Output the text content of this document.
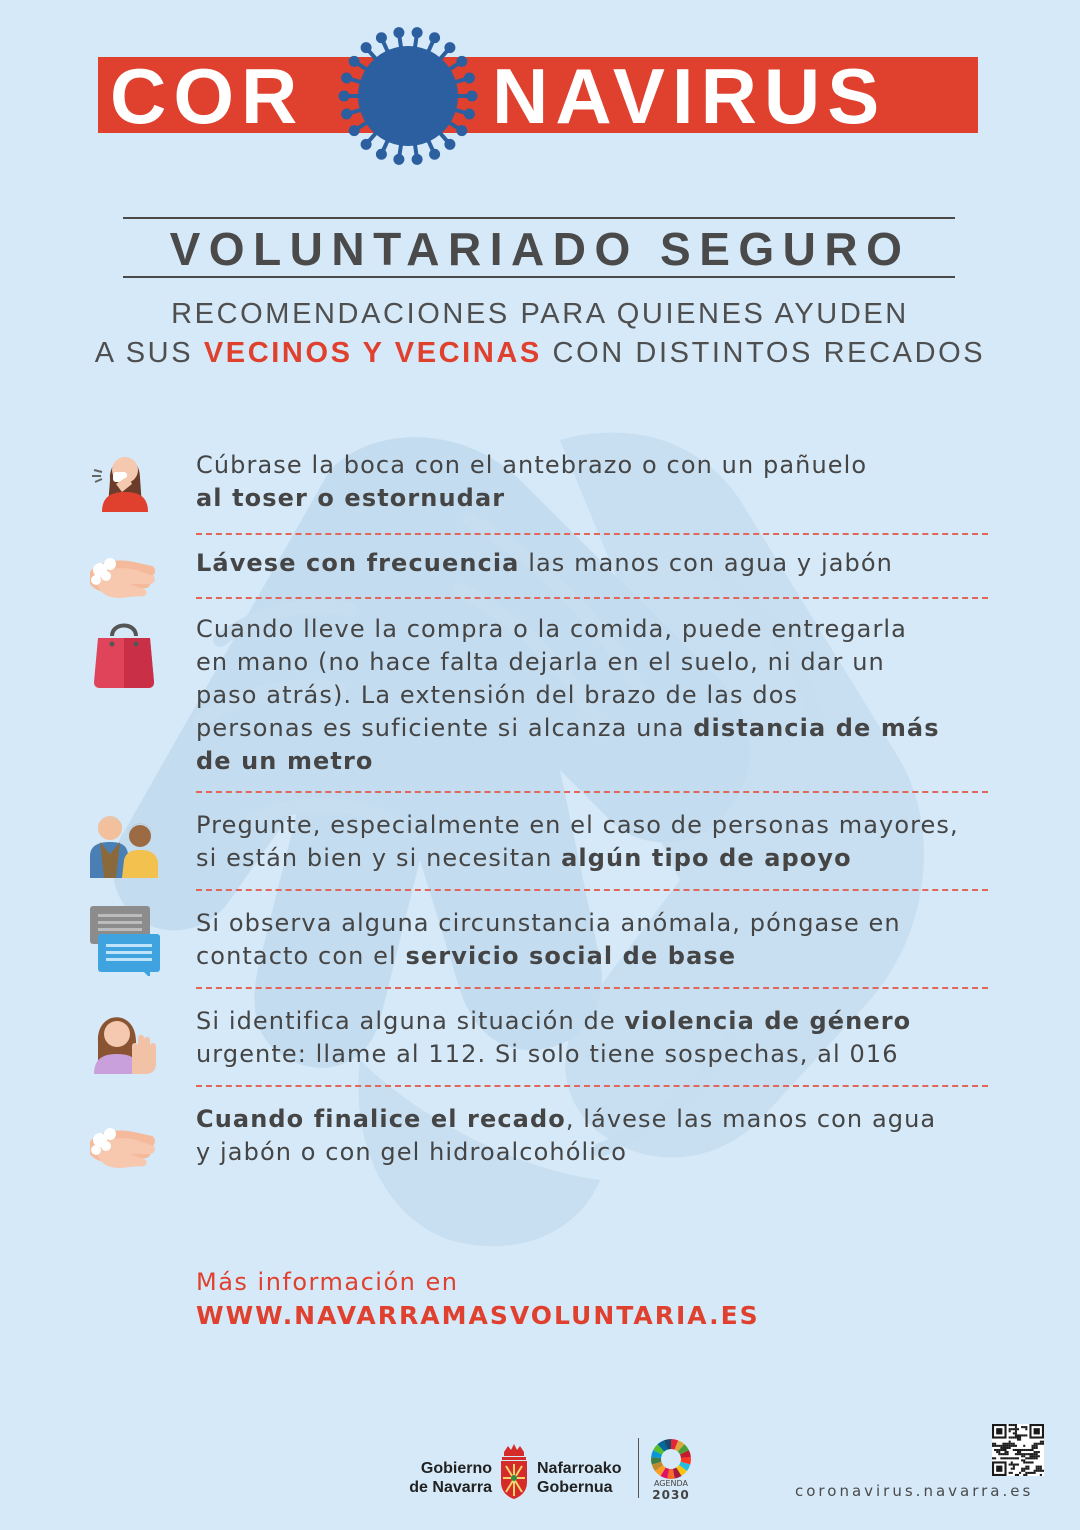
COR NAVIRUS
VOLUNTARIADO SEGURO
RECOMENDACIONES PARA QUIENES AYUDEN
A SUS VECINOS Y VECINAS CON DISTINTOS RECADOS
Cúbrase la boca con el antebrazo o con un pañuelo
al toser o estornudar
Lávese con frecuencia las manos con agua y jabón
Cuando lleve la compra o la comida, puede entregarla
en mano (no hace falta dejarla en el suelo, ni dar un
paso atrás). La extensión del brazo de las dos
personas es suficiente si alcanza una distancia de más
de un metro
Pregunte, especialmente en el caso de personas mayores,
si están bien y si necesitan algún tipo de apoyo
Si observa alguna circunstancia anómala, póngase en
contacto con el servicio social de base
Si identifica alguna situación de violencia de género
urgente: llame al 112. Si solo tiene sospechas, al 016
Cuando finalice el recado, lávese las manos con agua
y jabón o con gel hidroalcohólico
Más información en
WWW.NAVARRAMASVOLUNTARIA.ES
Gobierno
de Navarra
Nafarroako
Gobernua	AGENDA
2030	coronavirus.navarra.es
